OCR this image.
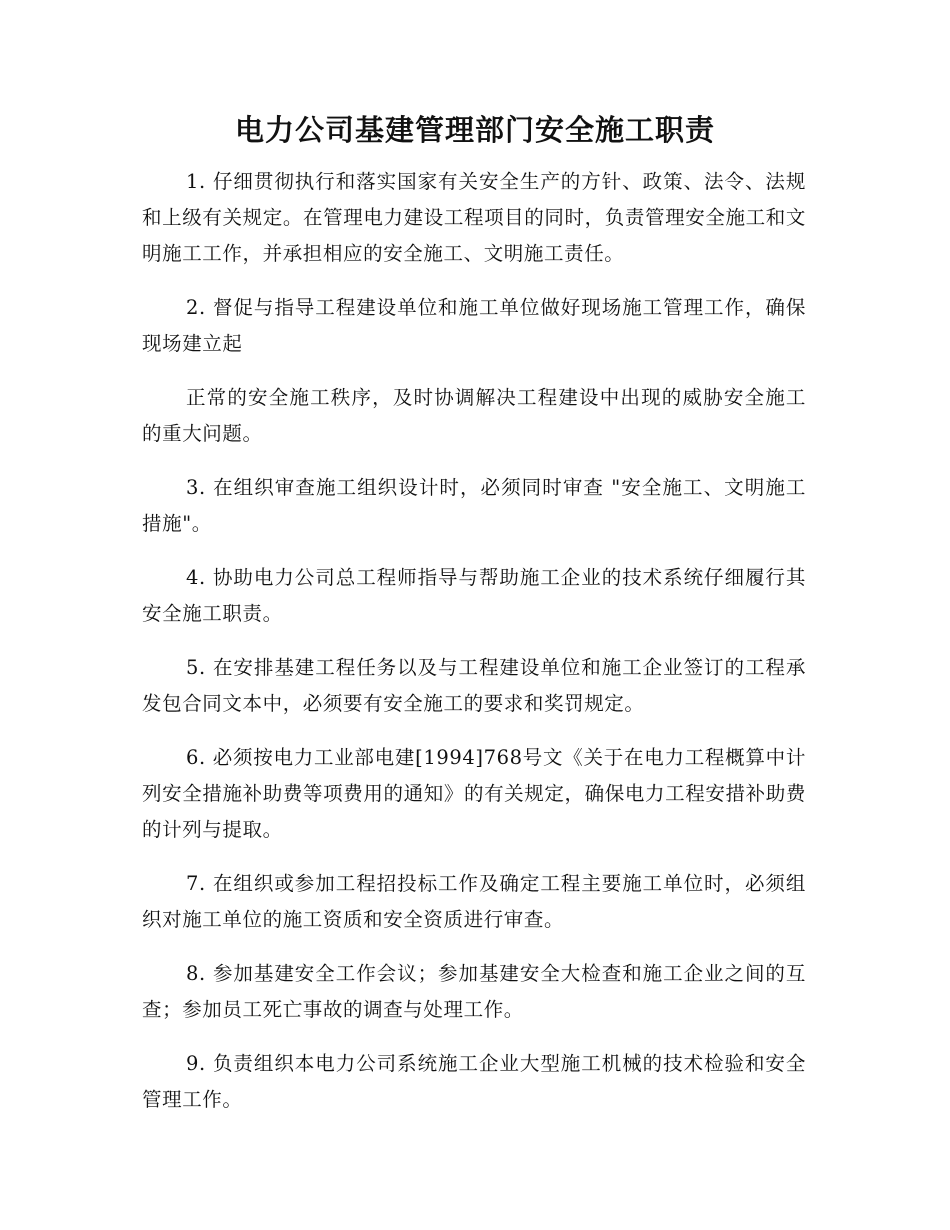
电力公司基建管理部门安全施工职责

1. 仔细贯彻执行和落实国家有关安全生产的方针、政策、法令、法规和上级有关规定。在管理电力建设工程项目的同时，负责管理安全施工和文明施工工作，并承担相应的安全施工、文明施工责任。

2. 督促与指导工程建设单位和施工单位做好现场施工管理工作，确保现场建立起

正常的安全施工秩序，及时协调解决工程建设中出现的威胁安全施工的重大问题。

3. 在组织审查施工组织设计时，必须同时审查 "安全施工、文明施工措施"。

4. 协助电力公司总工程师指导与帮助施工企业的技术系统仔细履行其安全施工职责。

5. 在安排基建工程任务以及与工程建设单位和施工企业签订的工程承发包合同文本中，必须要有安全施工的要求和奖罚规定。

6. 必须按电力工业部电建[1994]768号文《关于在电力工程概算中计列安全措施补助费等项费用的通知》的有关规定，确保电力工程安措补助费的计列与提取。

7. 在组织或参加工程招投标工作及确定工程主要施工单位时，必须组织对施工单位的施工资质和安全资质进行审查。

8. 参加基建安全工作会议；参加基建安全大检查和施工企业之间的互查；参加员工死亡事故的调查与处理工作。

9. 负责组织本电力公司系统施工企业大型施工机械的技术检验和安全管理工作。
